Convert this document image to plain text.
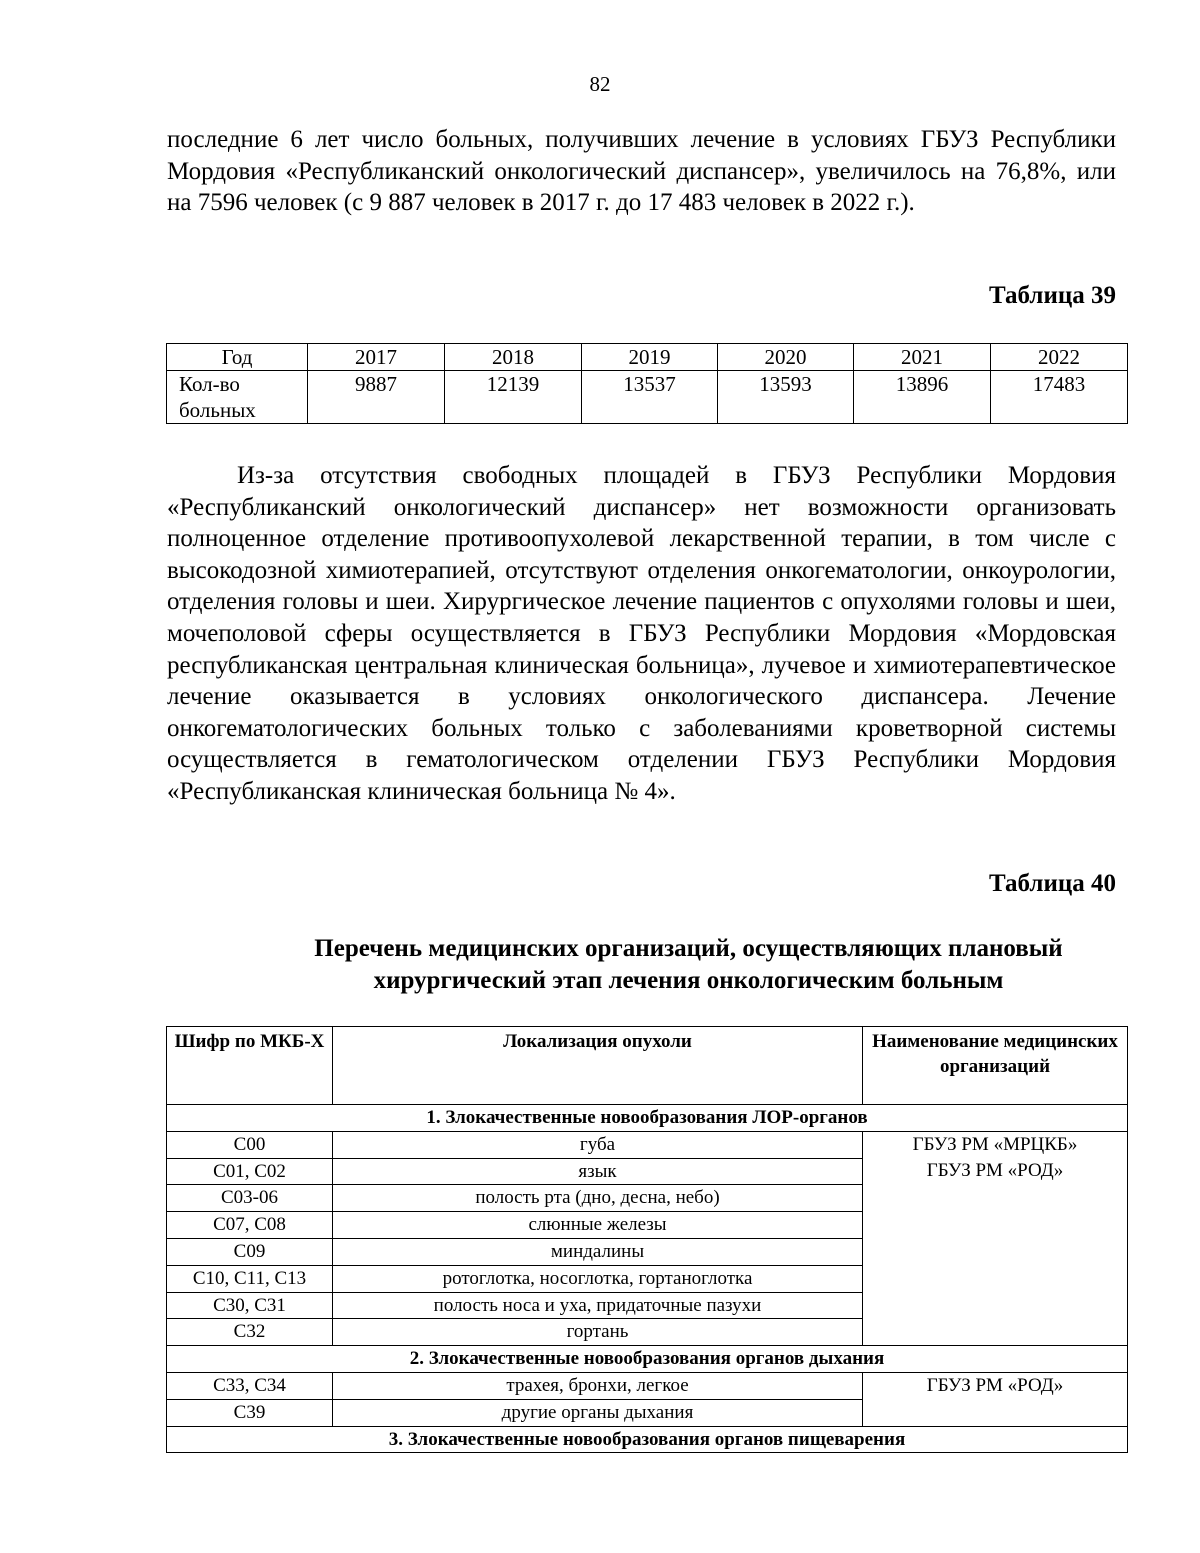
82

последние 6 лет число больных, получивших лечение в условиях ГБУЗ Республики Мордовия «Республиканский онкологический диспансер», увеличилось на 76,8%, или на 7596 человек (с 9 887 человек в 2017 г. до 17 483 человек в 2022 г.).

Таблица 39
Год	2017	2018	2019	2020	2021	2022
Кол-во больных	9887	12139	13537	13593	13896	17483

Из-за отсутствия свободных площадей в ГБУЗ Республики Мордовия «Республиканский онкологический диспансер» нет возможности организовать полноценное отделение противоопухолевой лекарственной терапии, в том числе с высокодозной химиотерапией, отсутствуют отделения онкогематологии, онкоурологии, отделения головы и шеи. Хирургическое лечение пациентов с опухолями головы и шеи, мочеполовой сферы осуществляется в ГБУЗ Республики Мордовия «Мордовская республиканская центральная клиническая больница», лучевое и химиотерапевтическое лечение оказывается в условиях онкологического диспансера. Лечение онкогематологических больных только с заболеваниями кроветворной системы осуществляется в гематологическом отделении ГБУЗ Республики Мордовия «Республиканская клиническая больница № 4».

Таблица 40
Перечень медицинских организаций, осуществляющих плановый
хирургический этап лечения онкологическим больным
Шифр по МКБ-Х	Локализация опухоли	Наименование медицинских организаций
1. Злокачественные новообразования ЛОР-органов		
С00	губа	ГБУЗ РМ «МРЦКБ»
ГБУЗ РМ «РОД»

С01, С02	язык	
С03-06	полость рта (дно, десна, небо)	
С07, С08	слюнные железы	
С09	миндалины	
С10, С11, С13	ротоглотка, носоглотка, гортаноглотка	
С30, С31	полость носа и уха, придаточные пазухи	
С32	гортань	
2. Злокачественные новообразования органов дыхания		
С33, С34	трахея, бронхи, легкое	ГБУЗ РМ «РОД»
С39	другие органы дыхания	
3. Злокачественные новообразования органов пищеварения		
